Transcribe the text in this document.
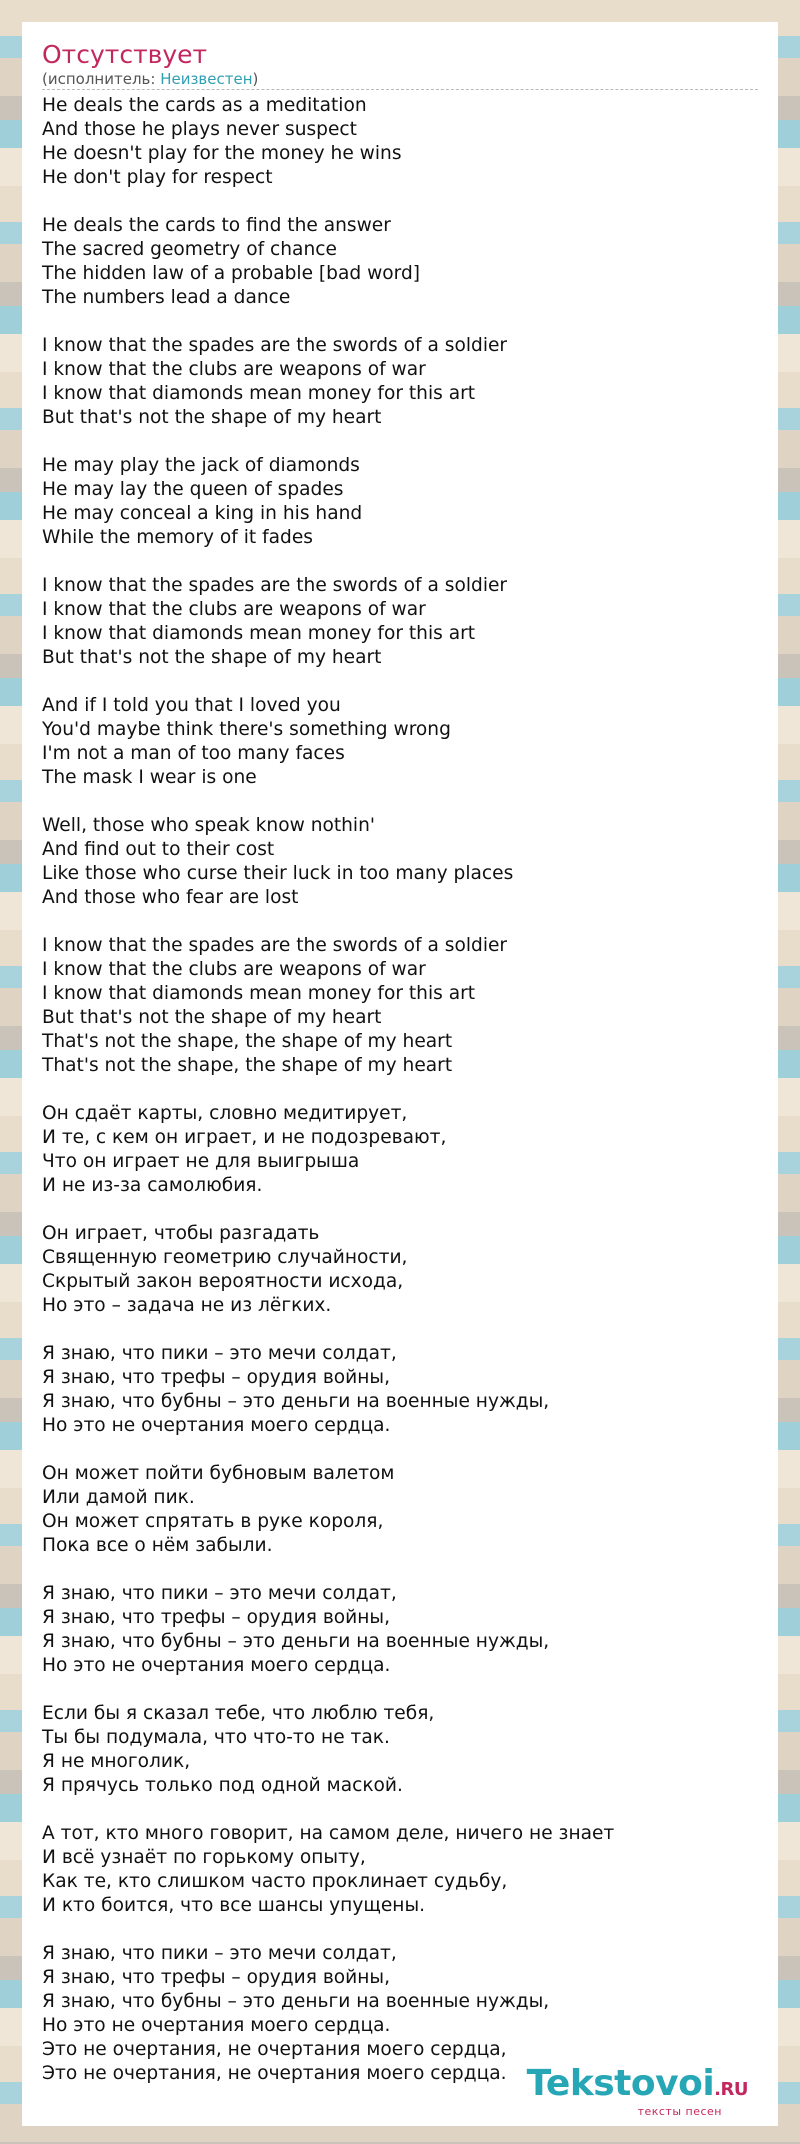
Отсутствует
(исполнитель: Неизвестен)
He deals the cards as a meditation
And those he plays never suspect
He doesn't play for the money he wins
He don't play for respect
He deals the cards to find the answer
The sacred geometry of chance
The hidden law of a probable [bad word]
The numbers lead a dance
I know that the spades are the swords of a soldier
I know that the clubs are weapons of war
I know that diamonds mean money for this art
But that's not the shape of my heart
He may play the jack of diamonds
He may lay the queen of spades
He may conceal a king in his hand
While the memory of it fades
I know that the spades are the swords of a soldier
I know that the clubs are weapons of war
I know that diamonds mean money for this art
But that's not the shape of my heart
And if I told you that I loved you
You'd maybe think there's something wrong
I'm not a man of too many faces
The mask I wear is one
Well, those who speak know nothin'
And find out to their cost
Like those who curse their luck in too many places
And those who fear are lost
I know that the spades are the swords of a soldier
I know that the clubs are weapons of war
I know that diamonds mean money for this art
But that's not the shape of my heart
That's not the shape, the shape of my heart
That's not the shape, the shape of my heart
Он сдаёт карты, словно медитирует,
И те, с кем он играет, и не подозревают,
Что он играет не для выигрыша
И не из-за самолюбия.
Он играет, чтобы разгадать
Священную геометрию случайности,
Скрытый закон вероятности исхода,
Но это – задача не из лёгких.
Я знаю, что пики – это мечи солдат,
Я знаю, что трефы – орудия войны,
Я знаю, что бубны – это деньги на военные нужды,
Но это не очертания моего сердца.
Он может пойти бубновым валетом
Или дамой пик.
Он может спрятать в руке короля,
Пока все о нём забыли.
Я знаю, что пики – это мечи солдат,
Я знаю, что трефы – орудия войны,
Я знаю, что бубны – это деньги на военные нужды,
Но это не очертания моего сердца.
Если бы я сказал тебе, что люблю тебя,
Ты бы подумала, что что-то не так.
Я не многолик,
Я прячусь только под одной маской.
А тот, кто много говорит, на самом деле, ничего не знает
И всё узнаёт по горькому опыту,
Как те, кто слишком часто проклинает судьбу,
И кто боится, что все шансы упущены.
Я знаю, что пики – это мечи солдат,
Я знаю, что трефы – орудия войны,
Я знаю, что бубны – это деньги на военные нужды,
Но это не очертания моего сердца.
Это не очертания, не очертания моего сердца,
Это не очертания, не очертания моего сердца. Tekstovoi.RU
тексты песен
